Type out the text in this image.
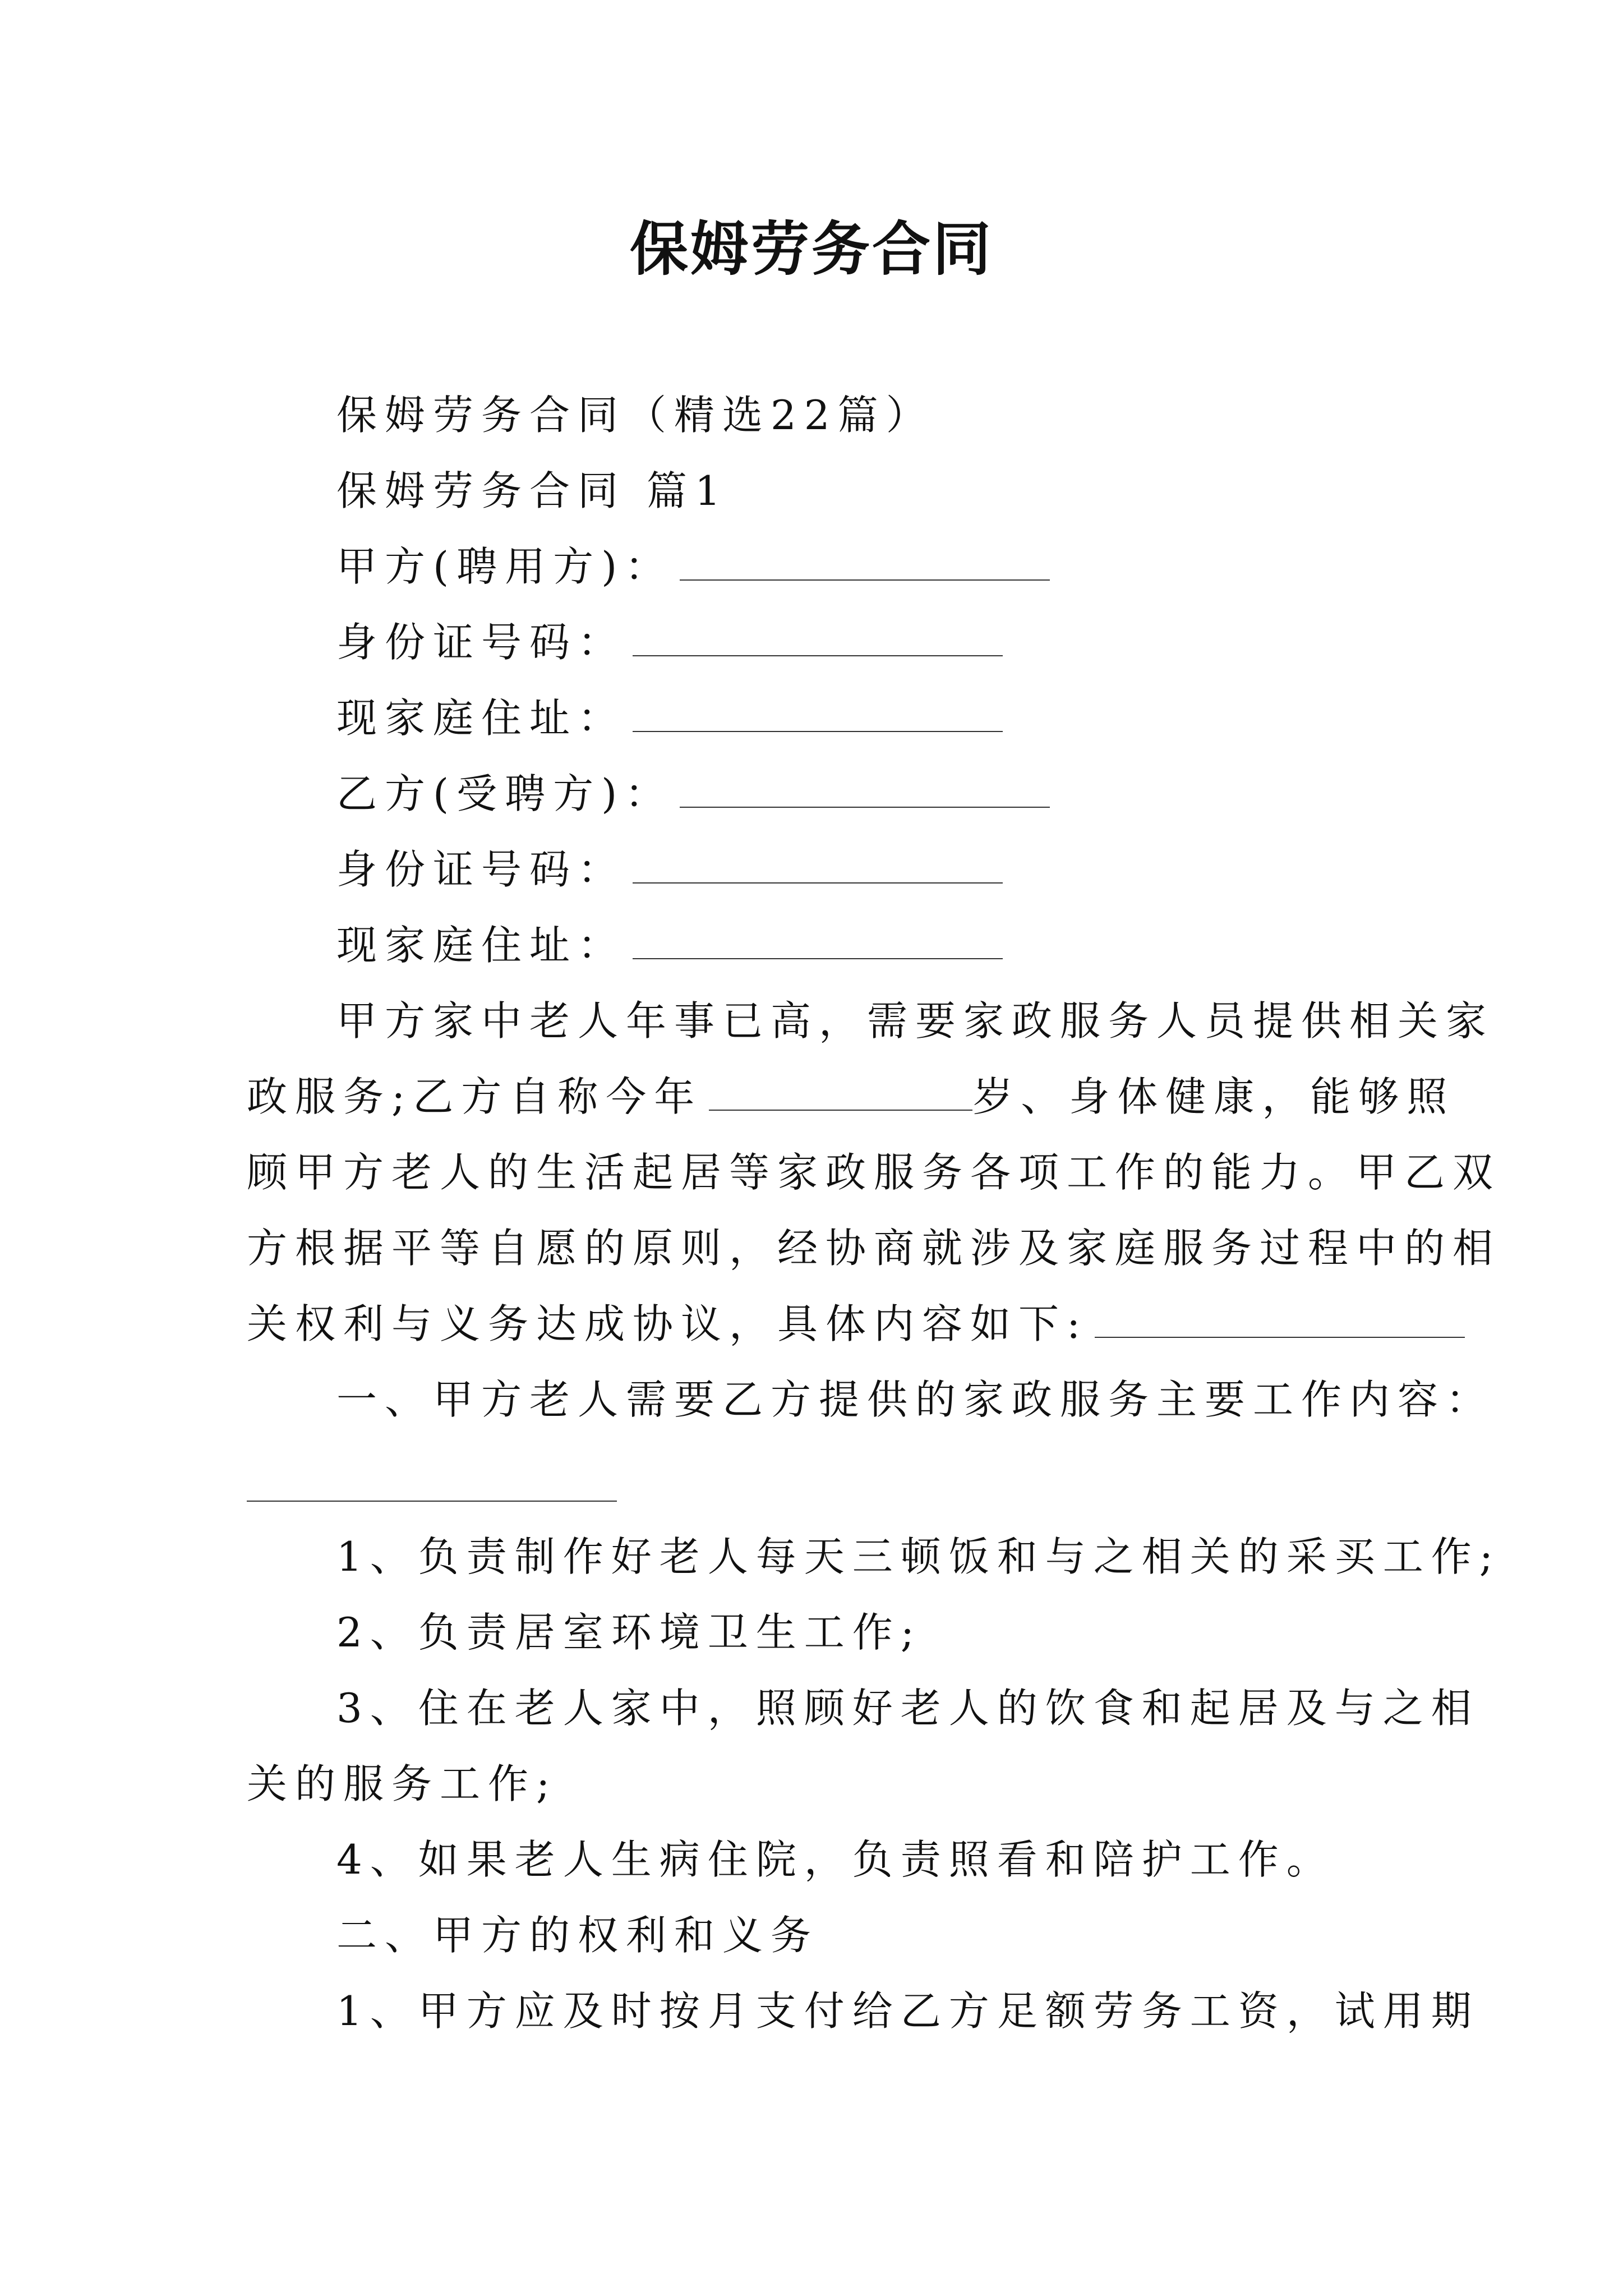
保姆劳务合同
保姆劳务合同（精选22篇）
保姆劳务合同 篇1
甲方(聘用方)：
身份证号码：
现家庭住址：
乙方(受聘方)：
身份证号码：
现家庭住址：
甲方家中老人年事已高，需要家政服务人员提供相关家
政服务;乙方自称今年	岁、身体健康，能够照
顾甲方老人的生活起居等家政服务各项工作的能力。甲乙双
方根据平等自愿的原则，经协商就涉及家庭服务过程中的相
关权利与义务达成协议，具体内容如下:
一、甲方老人需要乙方提供的家政服务主要工作内容：
1、负责制作好老人每天三顿饭和与之相关的采买工作;
2、负责居室环境卫生工作;
3、住在老人家中，照顾好老人的饮食和起居及与之相
关的服务工作;
4、如果老人生病住院，负责照看和陪护工作。
二、甲方的权利和义务
1、甲方应及时按月支付给乙方足额劳务工资，试用期
